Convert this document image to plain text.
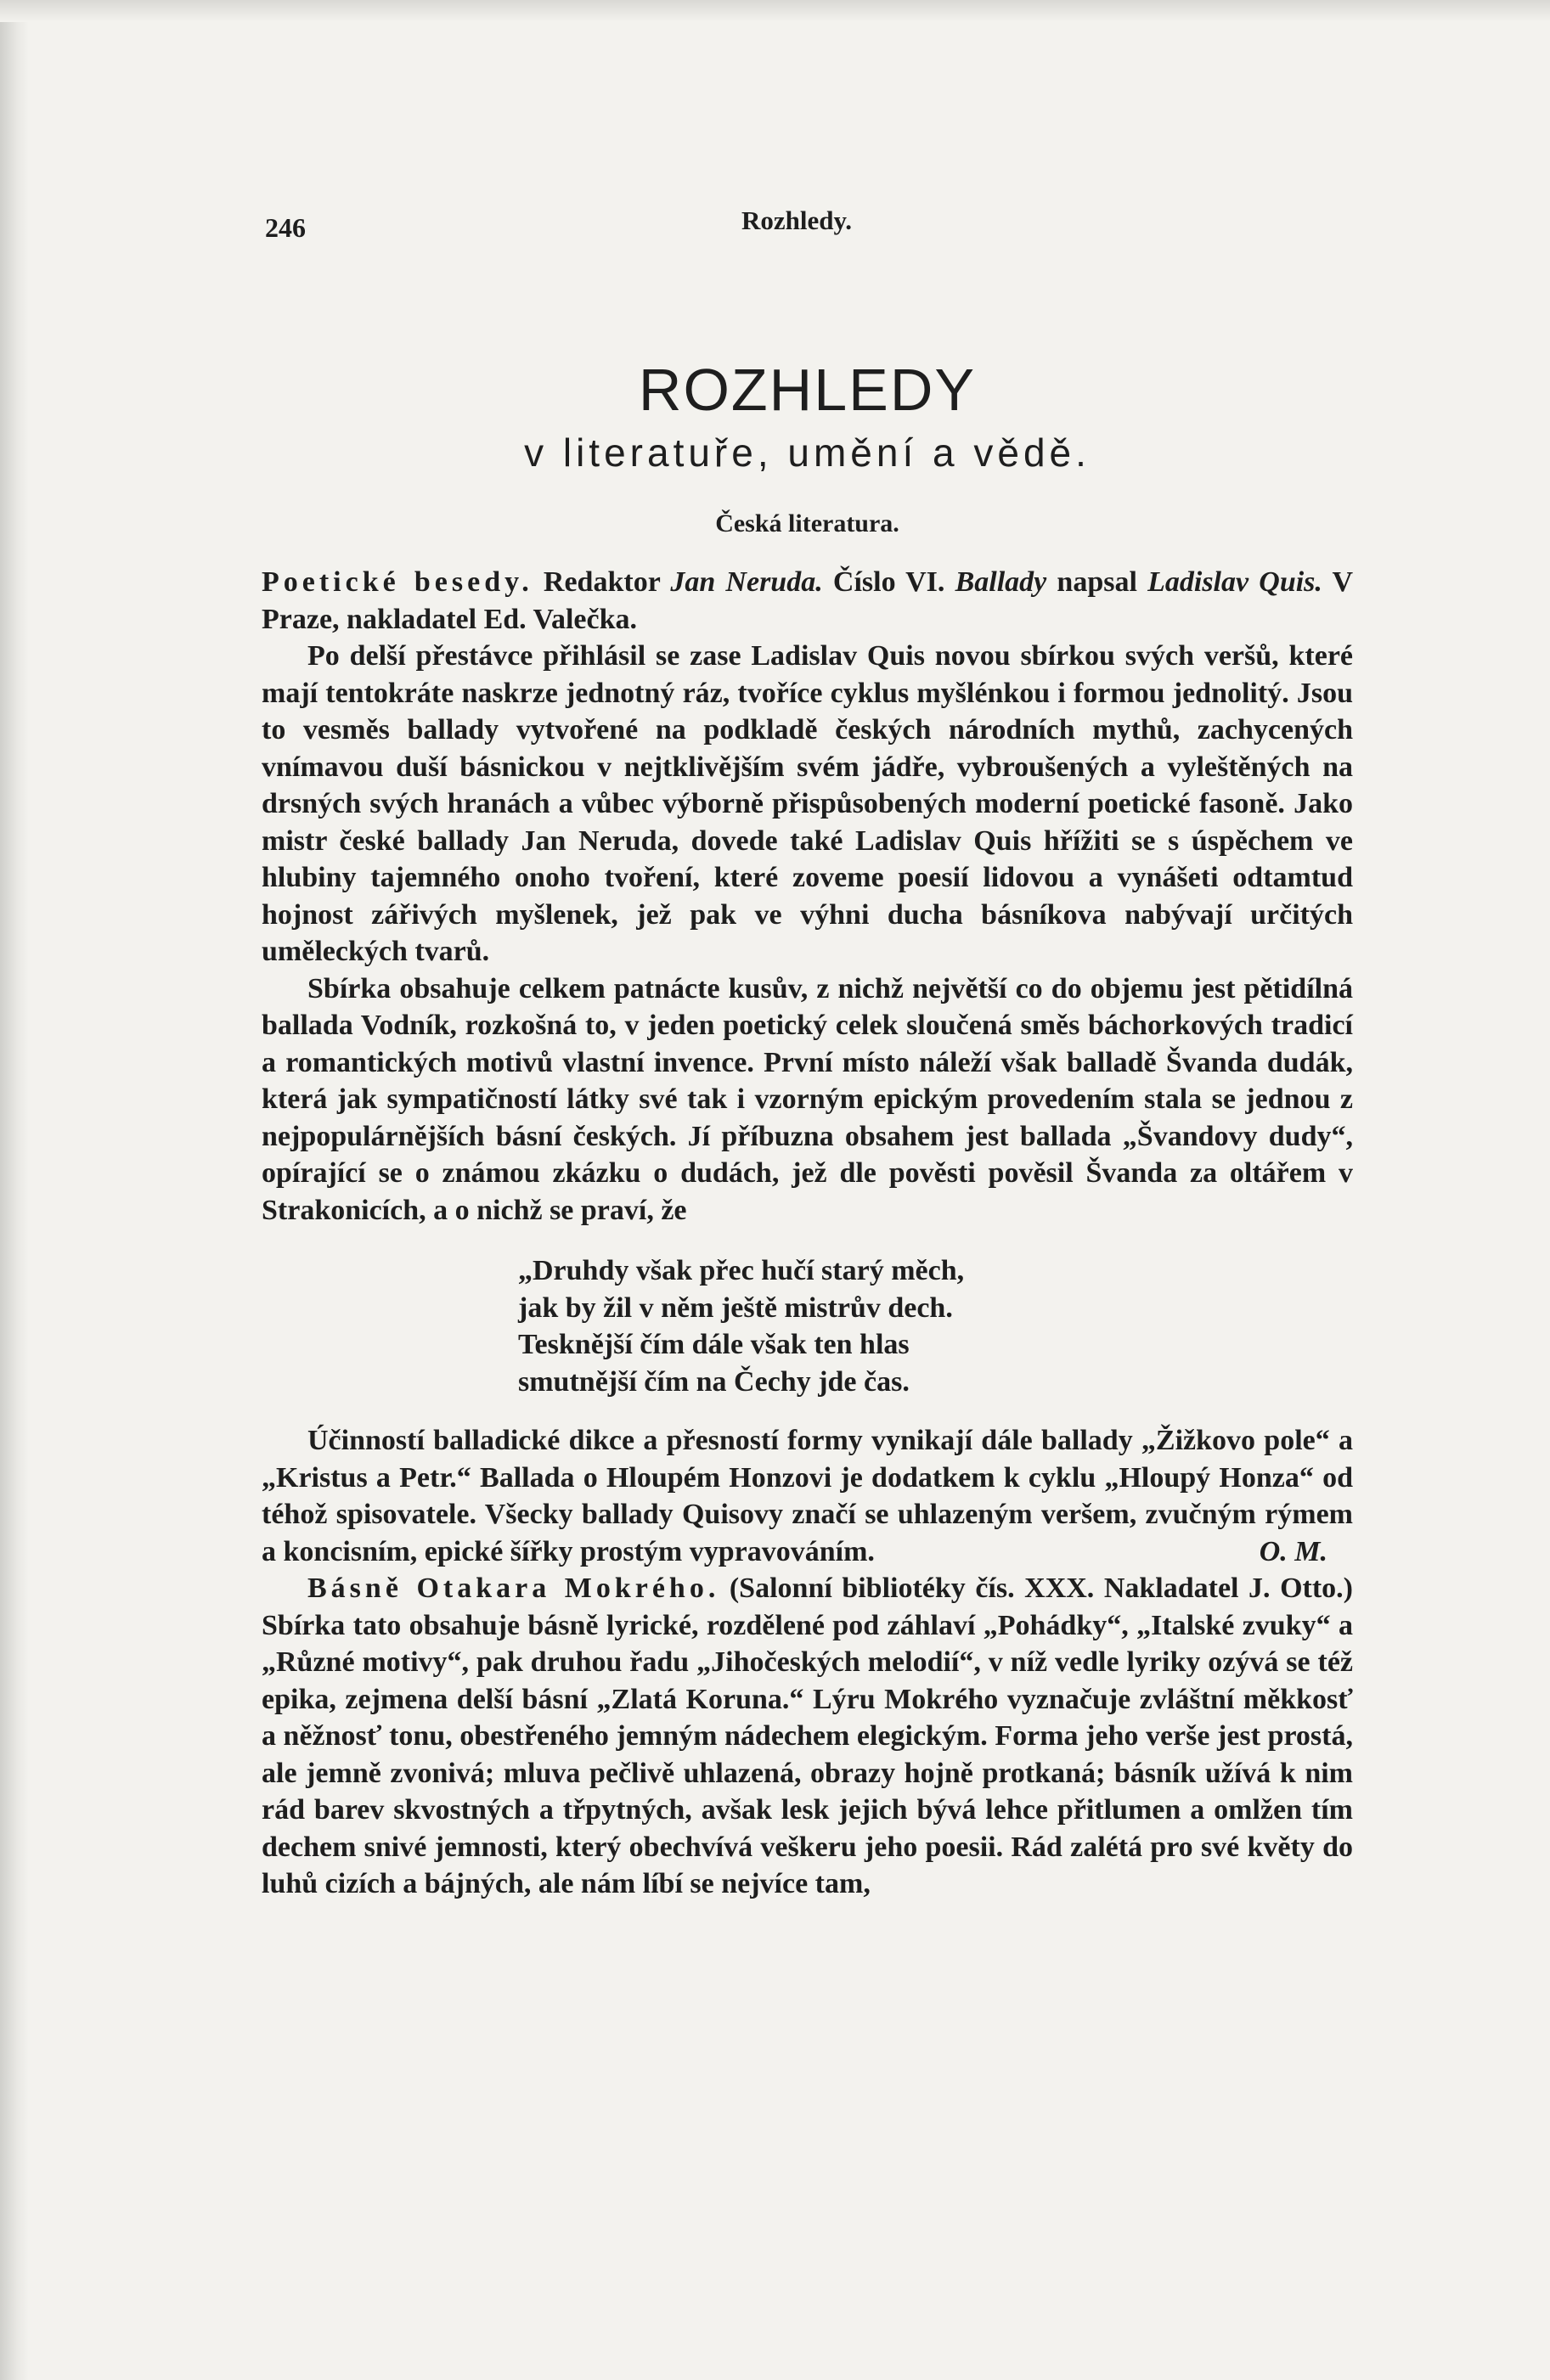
246	Rozhledy.
ROZHLEDY
v literatuře, umění a vědě.
Česká literatura.

Poetické besedy. Redaktor Jan Neruda. Číslo VI. Ballady napsal Ladislav Quis. V Praze, nakladatel Ed. Valečka.

Po delší přestávce přihlásil se zase Ladislav Quis novou sbírkou svých veršů, které mají tentokráte naskrze jednotný ráz, tvoříce cyklus myšlénkou i formou jednolitý. Jsou to vesměs ballady vytvořené na podkladě českých národních mythů, zachycených vnímavou duší básnickou v nejtklivějším svém jádře, vybroušených a vyleštěných na drsných svých hranách a vůbec výborně přispůsobených moderní poetické fasoně. Jako mistr české ballady Jan Neruda, dovede také Ladislav Quis hřížiti se s úspěchem ve hlubiny tajemného onoho tvoření, které zoveme poesií lidovou a vynášeti odtamtud hojnost zářivých myšlenek, jež pak ve výhni ducha básníkova nabývají určitých uměleckých tvarů.

Sbírka obsahuje celkem patnácte kusův, z nichž největší co do objemu jest pětidílná ballada Vodník, rozkošná to, v jeden poetický celek sloučená směs báchorkových tradicí a romantických motivů vlastní invence. První místo náleží však balladě Švanda dudák, která jak sympatičností látky své tak i vzorným epickým provedením stala se jednou z nejpopulárnějších básní českých. Jí příbuzna obsahem jest ballada „Švandovy dudy“, opírající se o známou zkázku o dudách, jež dle pověsti pověsil Švanda za oltářem v Strakonicích, a o nichž se praví, že

„Druhdy však přec hučí starý měch,
jak by žil v něm ještě mistrův dech.
Tesknější čím dále však ten hlas
smutnější čím na Čechy jde čas.

Účinností balladické dikce a přesností formy vynikají dále ballady „Žižkovo pole“ a „Kristus a Petr.“ Ballada o Hloupém Honzovi je dodatkem k cyklu „Hloupý Honza“ od téhož spisovatele. Všecky ballady Quisovy značí se uhlazeným veršem, zvučným rýmem a koncisním, epické šířky prostým vypravováním.	O. M.

Básně Otakara Mokrého. (Salonní bibliotéky čís. XXX. Nakladatel J. Otto.) Sbírka tato obsahuje básně lyrické, rozdělené pod záhlaví „Pohádky“, „Italské zvuky“ a „Různé motivy“, pak druhou řadu „Jihočeských melodií“, v níž vedle lyriky ozývá se též epika, zejmena delší básní „Zlatá Koruna.“ Lýru Mokrého vyznačuje zvláštní měkkosť a něžnosť tonu, obestřeného jemným nádechem elegickým. Forma jeho verše jest prostá, ale jemně zvonivá; mluva pečlivě uhlazená, obrazy hojně protkaná; básník užívá k nim rád barev skvostných a třpytných, avšak lesk jejich bývá lehce přitlumen a omlžen tím dechem snivé jemnosti, který obechvívá veškeru jeho poesii. Rád zalétá pro své květy do luhů cizích a bájných, ale nám líbí se nejvíce tam,
